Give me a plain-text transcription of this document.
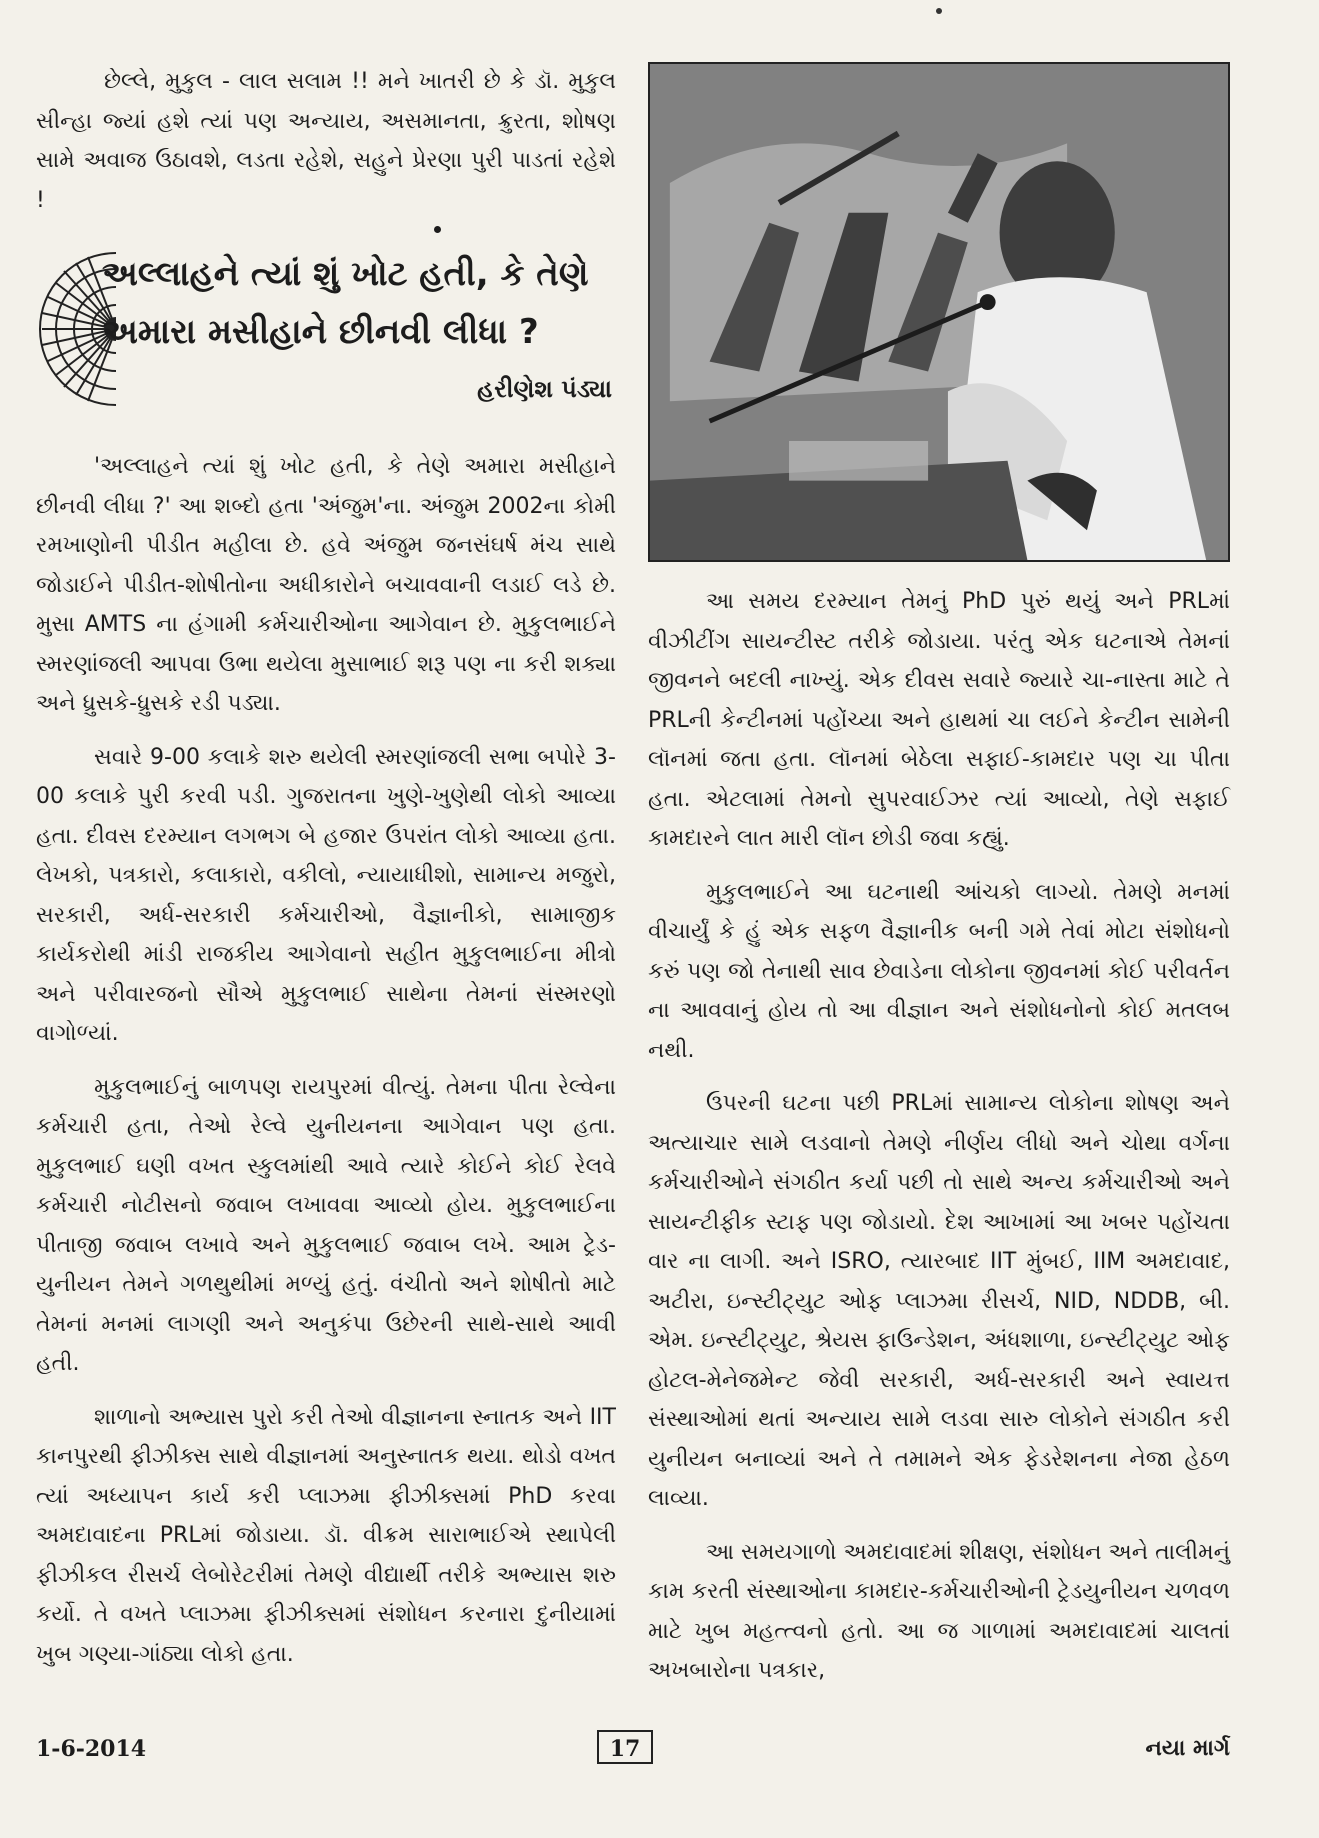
છેલ્લે, મુકુલ - લાલ સલામ !! મને ખાતરી છે કે ડૉ. મુકુલ સીન્હા જ્યાં હશે ત્યાં પણ અન્યાય, અસમાનતા, ક્રુરતા, શોષણ સામે અવાજ ઉઠાવશે, લડતા રહેશે, સહુને પ્રેરણા પુરી પાડતાં રહેશે !

અલ્લાહને ત્યાં શું ખોટ હતી, કે તેણે અમારા મસીહાને છીનવી લીધા ?
હરીણેશ પંડ્યા

'અલ્લાહને ત્યાં શું ખોટ હતી, કે તેણે અમારા મસીહાને છીનવી લીધા ?' આ શબ્દો હતા 'અંજુમ'ના. અંજુમ 2002ના કોમી રમખાણોની પીડીત મહીલા છે. હવે અંજુમ જનસંઘર્ષ મંચ સાથે જોડાઈને પીડીત-શોષીતોના અધીકારોને બચાવવાની લડાઈ લડે છે. મુસા AMTS ના હંગામી કર્મચારીઓના આગેવાન છે. મુકુલભાઈને સ્મરણાંજલી આપવા ઉભા થયેલા મુસાભાઈ શરૂ પણ ના કરી શક્યા અને ધ્રુસકે-ધ્રુસકે રડી પડ્યા.

સવારે 9-00 કલાકે શરુ થયેલી સ્મરણાંજલી સભા બપોરે 3-00 કલાકે પુરી કરવી પડી. ગુજરાતના ખુણે-ખુણેથી લોકો આવ્યા હતા. દીવસ દરમ્યાન લગભગ બે હજાર ઉપરાંત લોકો આવ્યા હતા. લેખકો, પત્રકારો, કલાકારો, વકીલો, ન્યાયાધીશો, સામાન્ય મજુરો, સરકારી, અર્ધ-સરકારી કર્મચારીઓ, વૈજ્ઞાનીકો, સામાજીક કાર્યકરોથી માંડી રાજકીય આગેવાનો સહીત મુકુલભાઈના મીત્રો અને પરીવારજનો સૌએ મુકુલભાઈ સાથેના તેમનાં સંસ્મરણો વાગોળ્યાં.

મુકુલભાઈનું બાળપણ રાયપુરમાં વીત્યું. તેમના પીતા રેલ્વેના કર્મચારી હતા, તેઓ રેલ્વે યુનીયનના આગેવાન પણ હતા. મુકુલભાઈ ઘણી વખત સ્કુલમાંથી આવે ત્યારે કોઈને કોઈ રેલવે કર્મચારી નોટીસનો જવાબ લખાવવા આવ્યો હોય. મુકુલભાઈના પીતાજી જવાબ લખાવે અને મુકુલભાઈ જવાબ લખે. આમ ટ્રેડ-યુનીયન તેમને ગળથુથીમાં મળ્યું હતું. વંચીતો અને શોષીતો માટે તેમનાં મનમાં લાગણી અને અનુકંપા ઉછેરની સાથે-સાથે આવી હતી.

શાળાનો અભ્યાસ પુરો કરી તેઓ વીજ્ઞાનના સ્નાતક અને IIT કાનપુરથી ફીઝીક્સ સાથે વીજ્ઞાનમાં અનુસ્નાતક થયા. થોડો વખત ત્યાં અધ્યાપન કાર્ય કરી પ્લાઝમા ફીઝીક્સમાં PhD કરવા અમદાવાદના PRLમાં જોડાયા. ડૉ. વીક્રમ સારાભાઈએ સ્થાપેલી ફીઝીકલ રીસર્ચ લેબોરેટરીમાં તેમણે વીદ્યાર્થી તરીકે અભ્યાસ શરુ કર્યો. તે વખતે પ્લાઝમા ફીઝીક્સમાં સંશોધન કરનારા દુનીયામાં ખુબ ગણ્યા-ગાંઠ્યા લોકો હતા.

આ સમય દરમ્યાન તેમનું PhD પુરું થયું અને PRLમાં વીઝીટીંગ સાયન્ટીસ્ટ તરીકે જોડાયા. પરંતુ એક ઘટનાએ તેમનાં જીવનને બદલી નાખ્યું. એક દીવસ સવારે જ્યારે ચા-નાસ્તા માટે તે PRLની કેન્ટીનમાં પહોંચ્યા અને હાથમાં ચા લઈને કેન્ટીન સામેની લૉનમાં જતા હતા. લૉનમાં બેઠેલા સફાઈ-કામદાર પણ ચા પીતા હતા. એટલામાં તેમનો સુપરવાઈઝર ત્યાં આવ્યો, તેણે સફાઈ કામદારને લાત મારી લૉન છોડી જવા કહ્યું.

મુકુલભાઈને આ ઘટનાથી આંચકો લાગ્યો. તેમણે મનમાં વીચાર્યું કે હું એક સફળ વૈજ્ઞાનીક બની ગમે તેવાં મોટા સંશોધનો કરું પણ જો તેનાથી સાવ છેવાડેના લોકોના જીવનમાં કોઈ પરીવર્તન ના આવવાનું હોય તો આ વીજ્ઞાન અને સંશોધનોનો કોઈ મતલબ નથી.

ઉપરની ઘટના પછી PRLમાં સામાન્ય લોકોના શોષણ અને અત્યાચાર સામે લડવાનો તેમણે નીર્ણય લીધો અને ચોથા વર્ગના કર્મચારીઓને સંગઠીત કર્યા પછી તો સાથે અન્ય કર્મચારીઓ અને સાયન્ટીફીક સ્ટાફ પણ જોડાયો. દેશ આખામાં આ ખબર પહોંચતા વાર ના લાગી. અને ISRO, ત્યારબાદ IIT મુંબઈ, IIM અમદાવાદ, અટીરા, ઇન્સ્ટીટ્યુટ ઓફ પ્લાઝમા રીસર્ચ, NID, NDDB, બી. એમ. ઇન્સ્ટીટ્યુટ, શ્રેયસ ફાઉન્ડેશન, અંધશાળા, ઇન્સ્ટીટ્યુટ ઓફ હોટલ-મેનેજમેન્ટ જેવી સરકારી, અર્ધ-સરકારી અને સ્વાયત્ત સંસ્થાઓમાં થતાં અન્યાય સામે લડવા સારુ લોકોને સંગઠીત કરી યુનીયન બનાવ્યાં અને તે તમામને એક ફેડરેશનના નેજા હેઠળ લાવ્યા.

આ સમયગાળો અમદાવાદમાં શીક્ષણ, સંશોધન અને તાલીમનું કામ કરતી સંસ્થાઓના કામદાર-કર્મચારીઓની ટ્રેડયુનીયન ચળવળ માટે ખુબ મહત્ત્વનો હતો. આ જ ગાળામાં અમદાવાદમાં ચાલતાં અખબારોના પત્રકાર,

1-6-2014	17	નયા માર્ગ
